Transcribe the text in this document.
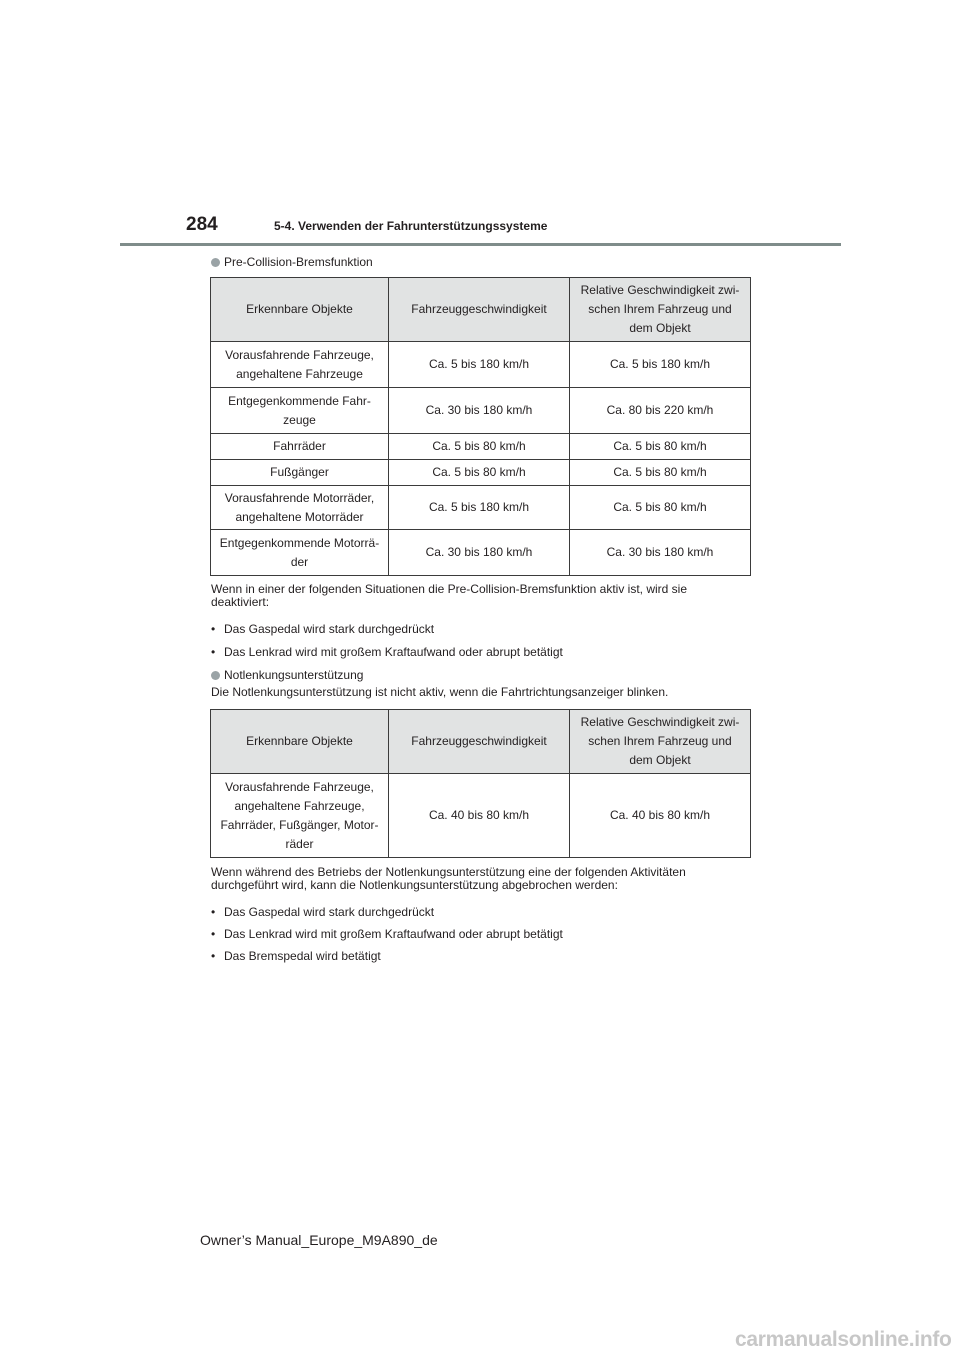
284	5-4. Verwenden der Fahrunterstützungssysteme
Pre-Collision-Bremsfunktion
Erkennbare Objekte	Fahrzeuggeschwindigkeit	Relative Geschwindigkeit zwi-
schen Ihrem Fahrzeug und
dem Objekt
Vorausfahrende Fahrzeuge,
angehaltene Fahrzeuge	Ca. 5 bis 180 km/h	Ca. 5 bis 180 km/h
Entgegenkommende Fahr-
zeuge	Ca. 30 bis 180 km/h	Ca. 80 bis 220 km/h
Fahrräder	Ca. 5 bis 80 km/h	Ca. 5 bis 80 km/h
Fußgänger	Ca. 5 bis 80 km/h	Ca. 5 bis 80 km/h
Vorausfahrende Motorräder,
angehaltene Motorräder	Ca. 5 bis 180 km/h	Ca. 5 bis 80 km/h
Entgegenkommende Motorrä-
der	Ca. 30 bis 180 km/h	Ca. 30 bis 180 km/h
Wenn in einer der folgenden Situationen die Pre-Collision-Bremsfunktion aktiv ist, wird sie
deaktiviert:
• Das Gaspedal wird stark durchgedrückt
• Das Lenkrad wird mit großem Kraftaufwand oder abrupt betätigt
Notlenkungsunterstützung
Die Notlenkungsunterstützung ist nicht aktiv, wenn die Fahrtrichtungsanzeiger blinken.
Erkennbare Objekte	Fahrzeuggeschwindigkeit	Relative Geschwindigkeit zwi-
schen Ihrem Fahrzeug und
dem Objekt
Vorausfahrende Fahrzeuge,
angehaltene Fahrzeuge,
Fahrräder, Fußgänger, Motor-
räder	Ca. 40 bis 80 km/h	Ca. 40 bis 80 km/h
Wenn während des Betriebs der Notlenkungsunterstützung eine der folgenden Aktivitäten
durchgeführt wird, kann die Notlenkungsunterstützung abgebrochen werden:
• Das Gaspedal wird stark durchgedrückt
• Das Lenkrad wird mit großem Kraftaufwand oder abrupt betätigt
• Das Bremspedal wird betätigt
Owner’s Manual_Europe_M9A890_de
carmanualsonline.info
